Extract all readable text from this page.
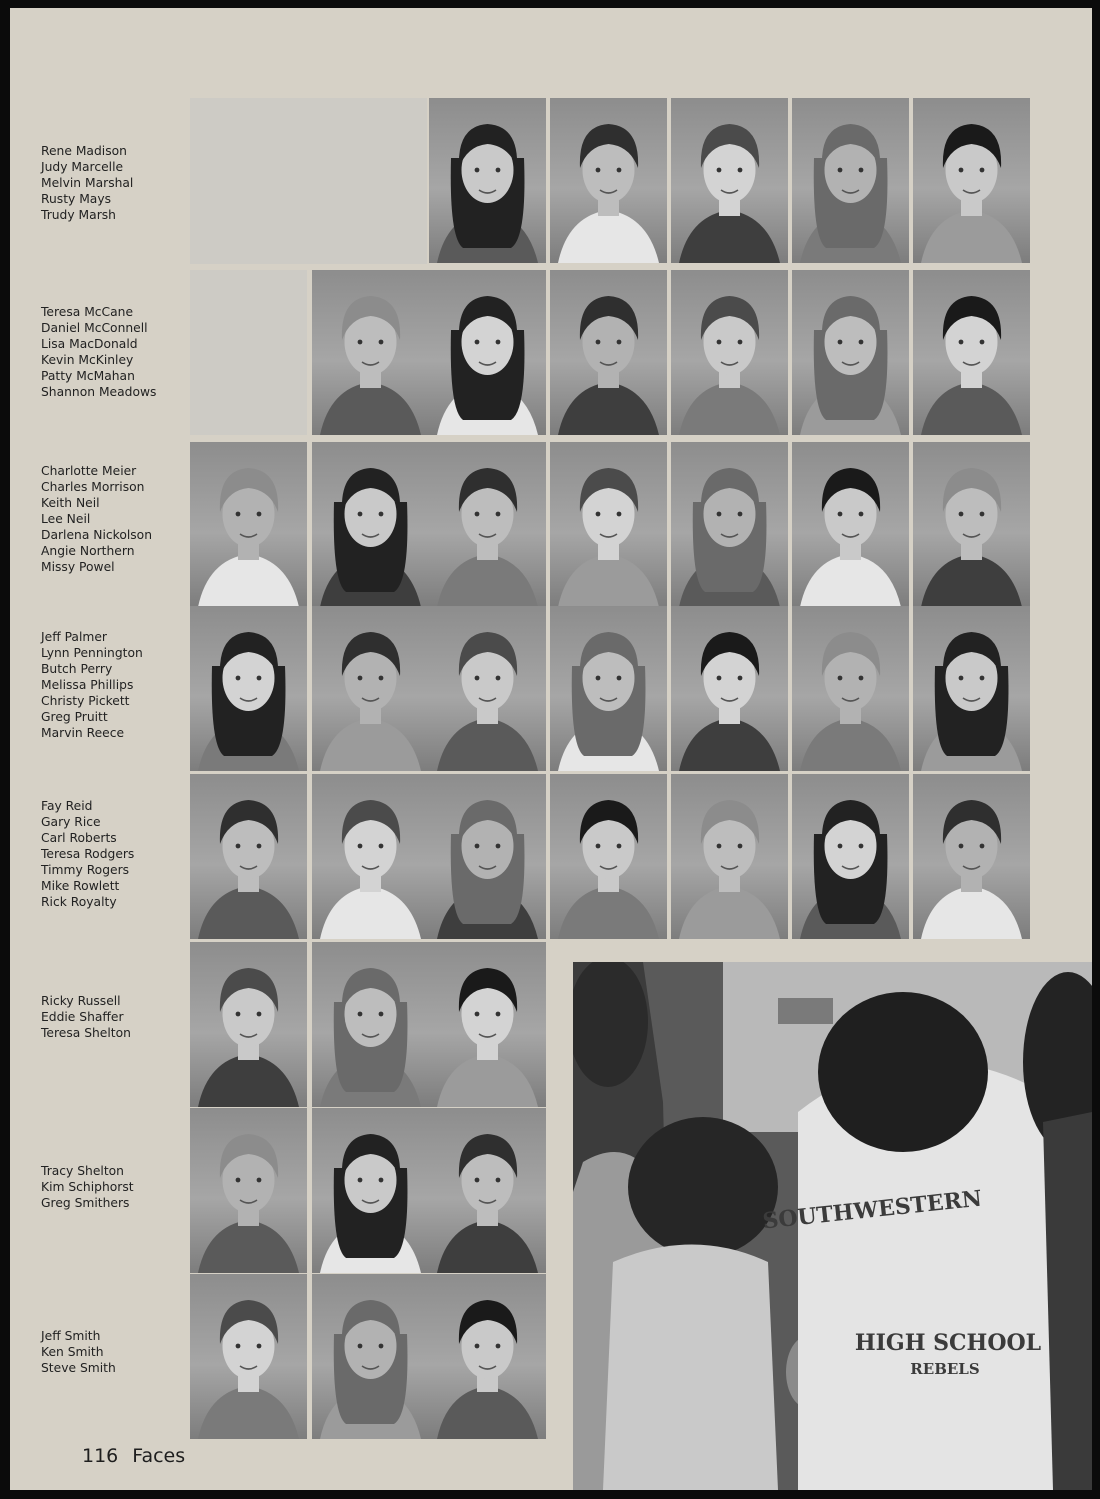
Rene Madison
Judy Marcelle
Melvin Marshal
Rusty Mays
Trudy Marsh
Teresa McCane
Daniel McConnell
Lisa MacDonald
Kevin McKinley
Patty McMahan
Shannon Meadows
Charlotte Meier
Charles Morrison
Keith Neil
Lee Neil
Darlena Nickolson
Angie Northern
Missy Powel
Jeff Palmer
Lynn Pennington
Butch Perry
Melissa Phillips
Christy Pickett
Greg Pruitt
Marvin Reece
Fay Reid
Gary Rice
Carl Roberts
Teresa Rodgers
Timmy Rogers
Mike Rowlett
Rick Royalty
Ricky Russell
Eddie Shaffer
Teresa Shelton
Tracy Shelton
Kim Schiphorst
Greg Smithers
Jeff Smith
Ken Smith
Steve Smith
SOUTHWESTERN
HIGH SCHOOL
REBELS
116 Faces
